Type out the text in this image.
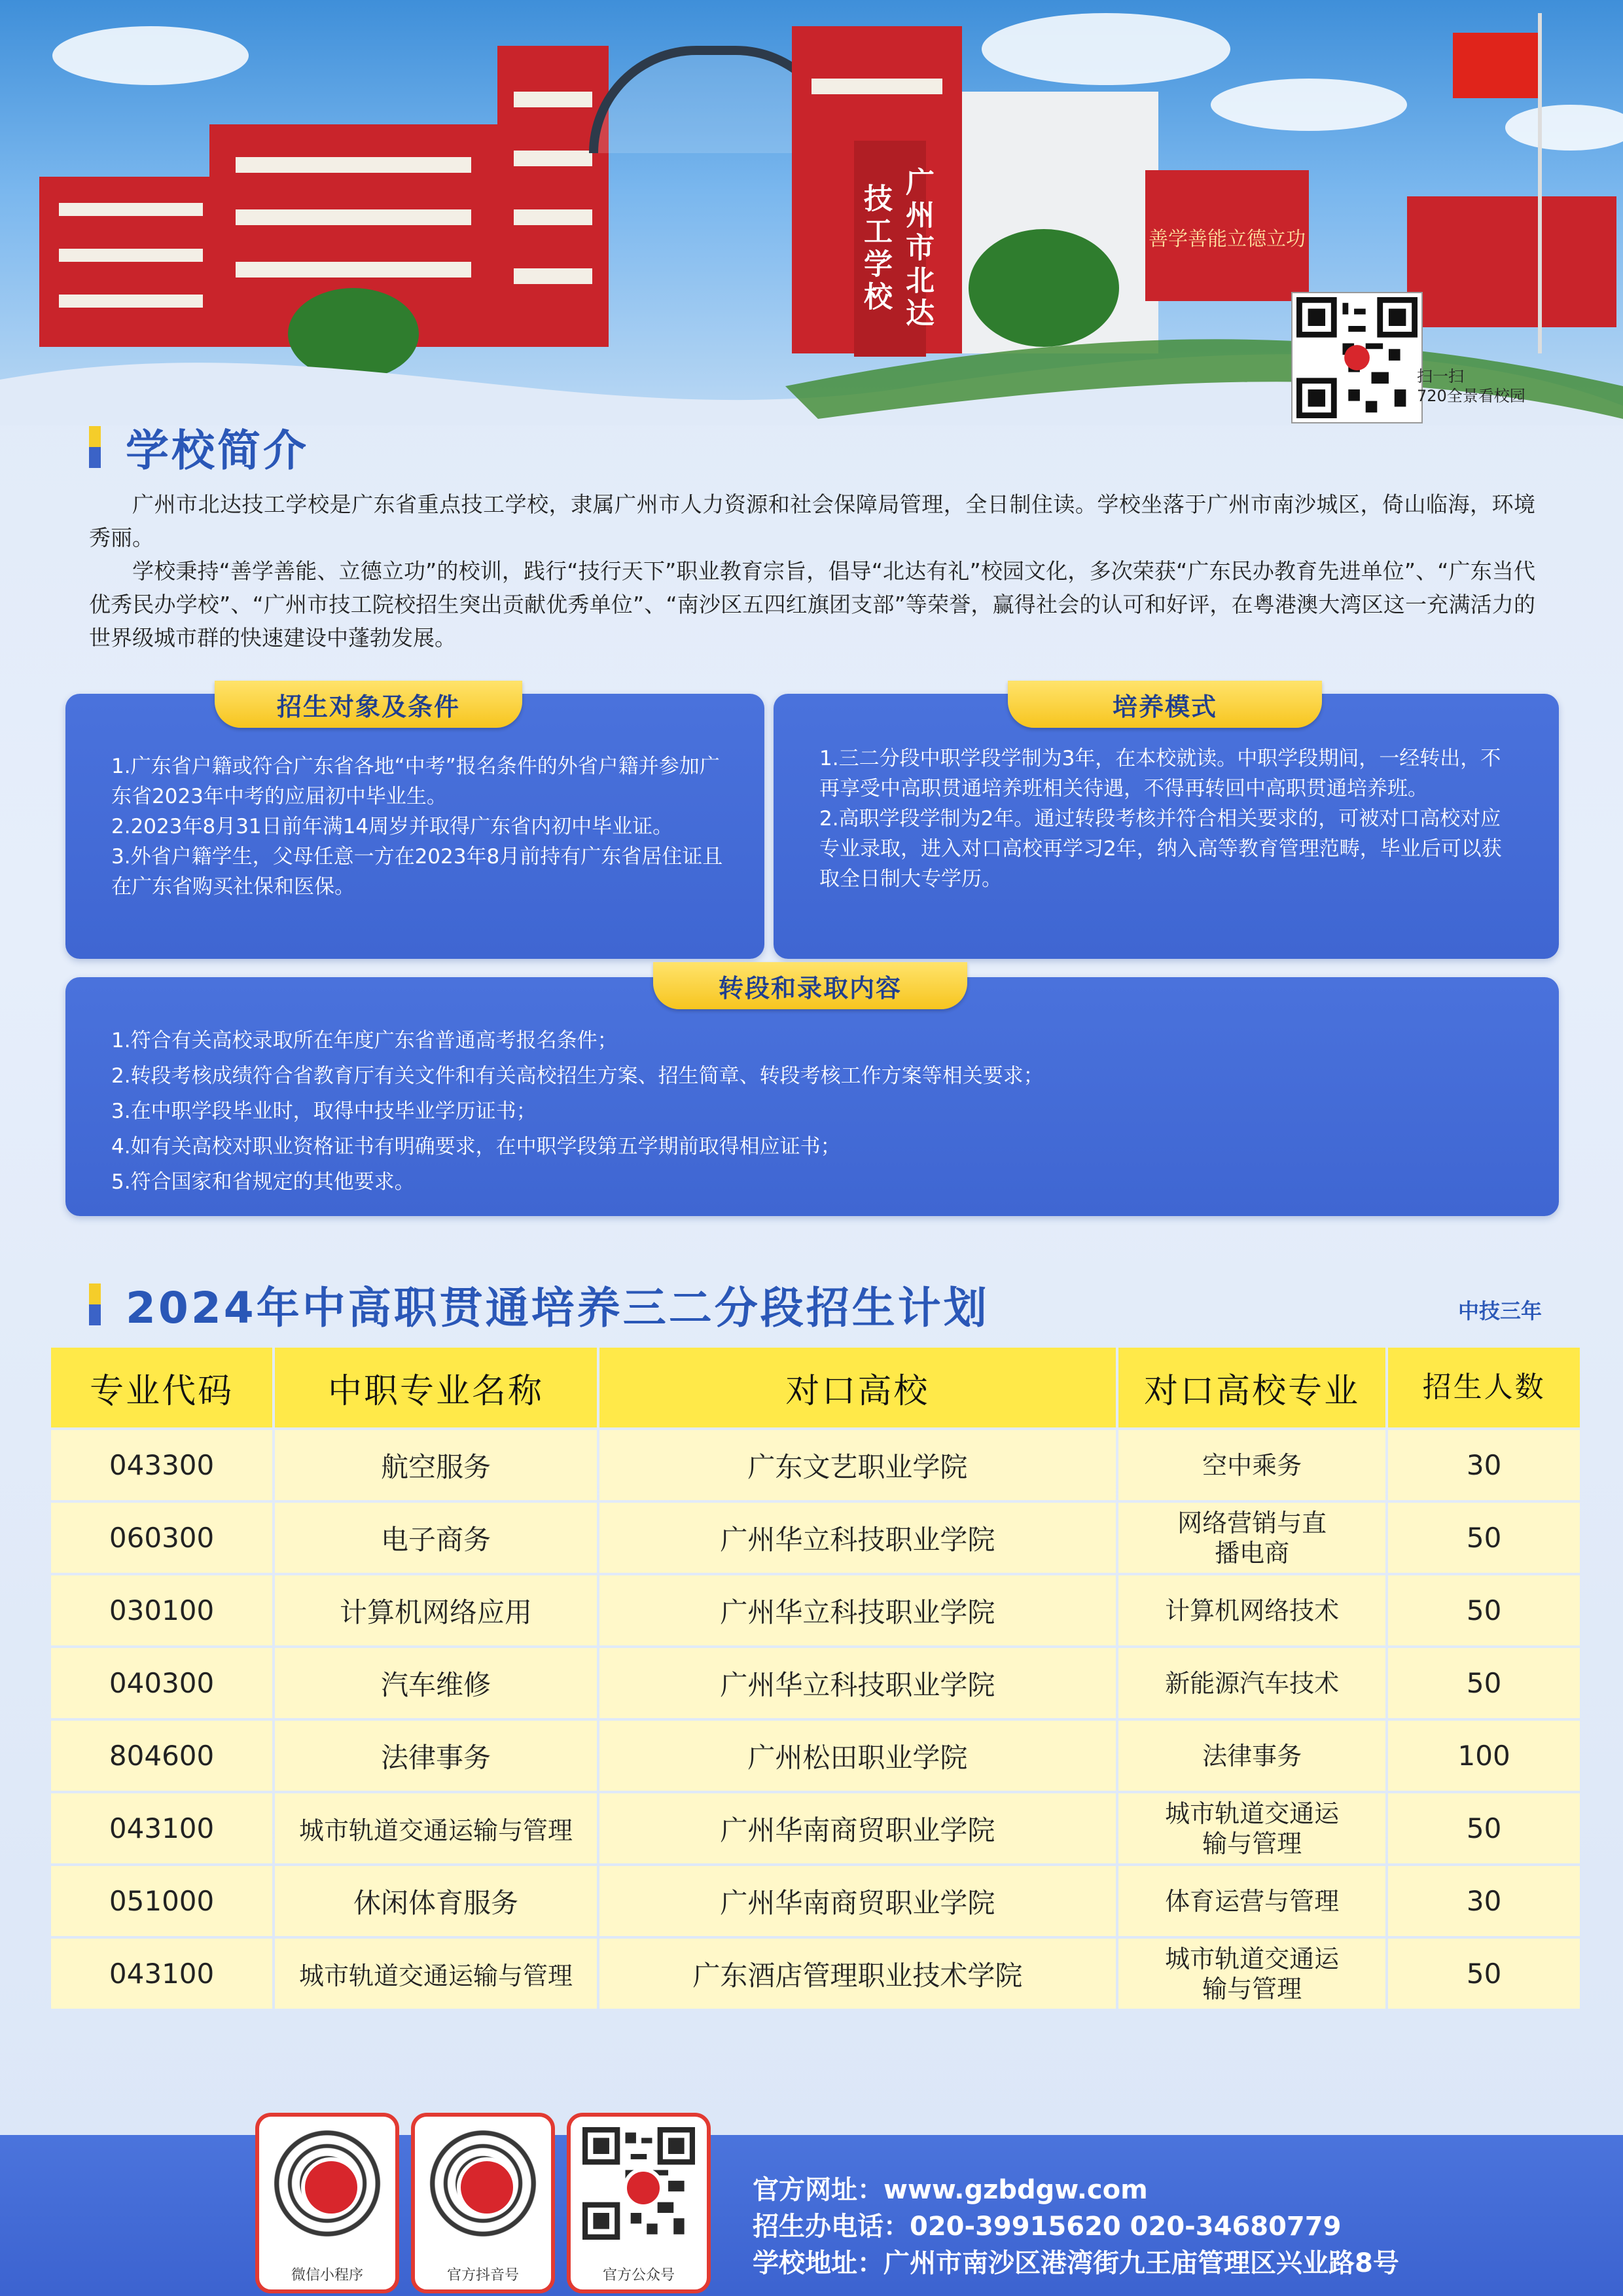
广州市北达技工学校	善学善能立德立功
扫一扫
720全景看校园
学校简介

广州市北达技工学校是广东省重点技工学校，隶属广州市人力资源和社会保障局管理，全日制住读。学校坐落于广州市南沙城区，倚山临海，环境秀丽。

学校秉持“善学善能、立德立功”的校训，践行“技行天下”职业教育宗旨，倡导“北达有礼”校园文化，多次荣获“广东民办教育先进单位”、“广东当代优秀民办学校”、“广州市技工院校招生突出贡献优秀单位”、“南沙区五四红旗团支部”等荣誉，赢得社会的认可和好评，在粤港澳大湾区这一充满活力的世界级城市群的快速建设中蓬勃发展。

1.广东省户籍或符合广东省各地“中考”报名条件的外省户籍并参加广东省2023年中考的应届初中毕业生。

2.2023年8月31日前年满14周岁并取得广东省内初中毕业证。

3.外省户籍学生，父母任意一方在2023年8月前持有广东省居住证且在广东省购买社保和医保。

招生对象及条件

1.三二分段中职学段学制为3年，在本校就读。中职学段期间，一经转出，不再享受中高职贯通培养班相关待遇，不得再转回中高职贯通培养班。

2.高职学段学制为2年。通过转段考核并符合相关要求的，可被对口高校对应专业录取，进入对口高校再学习2年，纳入高等教育管理范畴，毕业后可以获取全日制大专学历。

培养模式

1.符合有关高校录取所在年度广东省普通高考报名条件；

2.转段考核成绩符合省教育厅有关文件和有关高校招生方案、招生简章、转段考核工作方案等相关要求；

3.在中职学段毕业时，取得中技毕业学历证书；

4.如有关高校对职业资格证书有明确要求，在中职学段第五学期前取得相应证书；

5.符合国家和省规定的其他要求。

转段和录取内容
2024年中高职贯通培养三二分段招生计划	中技三年
专业代码	中职专业名称	对口高校	对口高校专业	招生人数
043300	航空服务	广东文艺职业学院	空中乘务	30
060300	电子商务	广州华立科技职业学院	网络营销与直播电商	50
030100	计算机网络应用	广州华立科技职业学院	计算机网络技术	50
040300	汽车维修	广州华立科技职业学院	新能源汽车技术	50
804600	法律事务	广州松田职业学院	法律事务	100
043100	城市轨道交通运输与管理	广州华南商贸职业学院	城市轨道交通运输与管理	50
051000	休闲体育服务	广州华南商贸职业学院	体育运营与管理	30
043100	城市轨道交通运输与管理	广东酒店管理职业技术学院	城市轨道交通运输与管理	50
微信小程序	官方抖音号	官方公众号
官方网址：www.gzbdgw.com
招生办电话：020-39915620 020-34680779
学校地址：广州市南沙区港湾街九王庙管理区兴业路8号
